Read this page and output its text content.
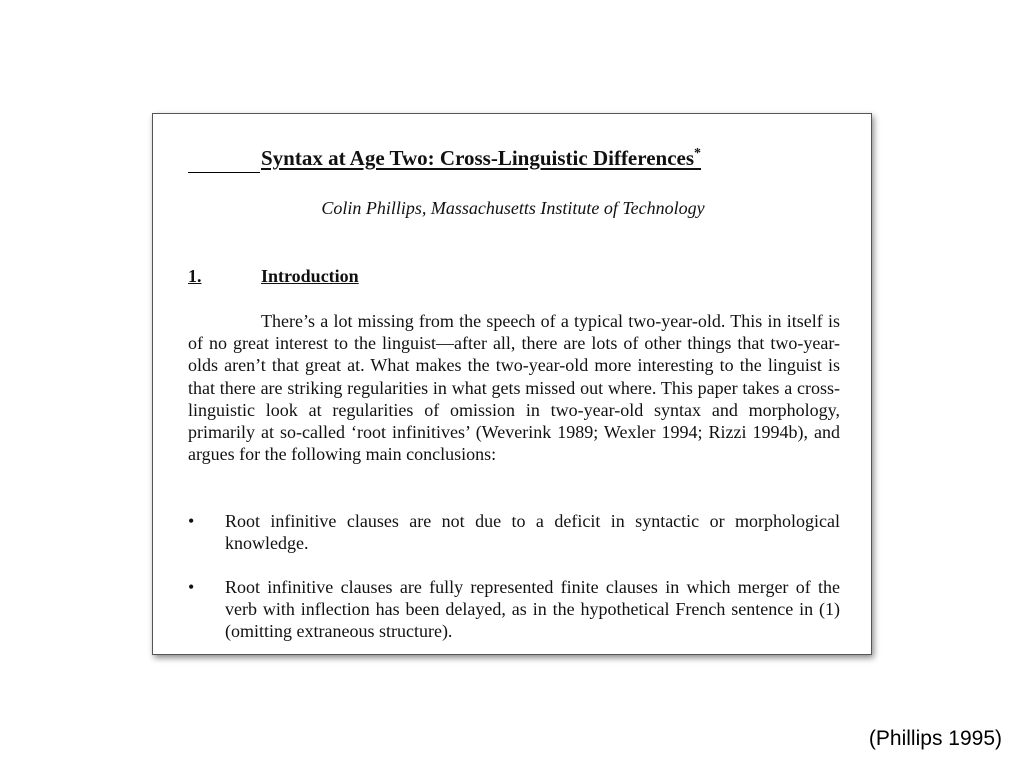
Syntax at Age Two: Cross-Linguistic Differences*
Colin Phillips, Massachusetts Institute of Technology
1.	Introduction

There’s a lot missing from the speech of a typical two-year-old. This in itself is of no great interest to the linguist—after all, there are lots of other things that two-year-olds aren’t that great at. What makes the two-year-old more interesting to the linguist is that there are striking regularities in what gets missed out where. This paper takes a cross-linguistic look at regularities of omission in two-year-old syntax and morphology, primarily at so-called ‘root infinitives’ (Weverink 1989; Wexler 1994; Rizzi 1994b), and argues for the following main conclusions:

• Root infinitive clauses are not due to a deficit in syntactic or morphological knowledge.
• Root infinitive clauses are fully represented finite clauses in which merger of the verb with inflection has been delayed, as in the hypothetical French sentence in (1) (omitting extraneous structure).
(Phillips 1995)
